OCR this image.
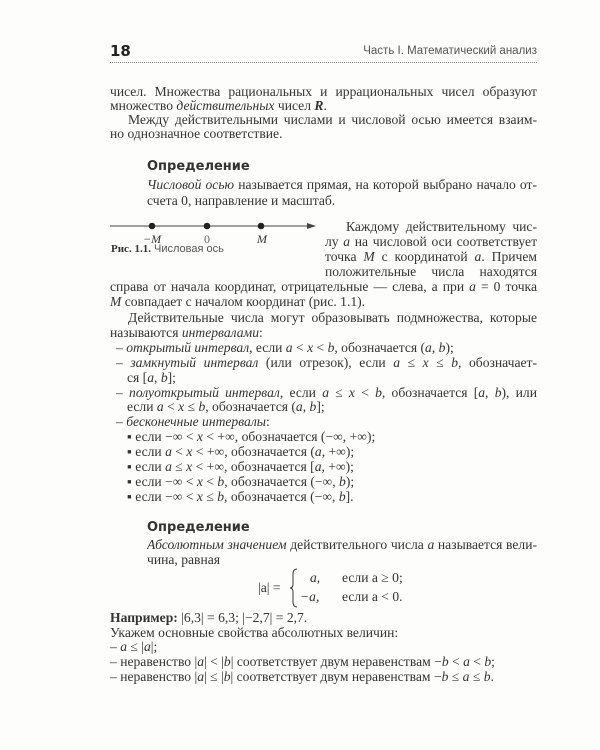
18	Часть I. Математический анализ
Определение
Определение
чисел. Множества рациональных и иррациональных чисел образуют
множество действительных чисел R.
Между действительными числами и числовой осью имеется взаим-
но однозначное соответствие.
Числовой осью называется прямая, на которой выбрано начало от-
счета 0, направление и масштаб.
Каждому действительному чис-
лу a на числовой оси соответствует
точка M с координатой a. Причем
положительные числа находятся
справа от начала координат, отрицательные — слева, а при a = 0 точка
M совпадает с началом координат (рис. 1.1).
Действительные числа могут образовывать подмножества, которые
называются интервалами:
– открытый интервал, если a < x < b, обозначается (a, b);
– замкнутый интервал (или отрезок), если a ≤ x ≤ b, обозначает-
ся [a, b];
– полуоткрытый интервал, если a ≤ x < b, обозначается [a, b), или
если a < x ≤ b, обозначается (a, b];
– бесконечные интервалы:
▪ если −∞ < x < +∞, обозначается (−∞, +∞);
▪ если a < x < +∞, обозначается (a, +∞);
▪ если a ≤ x < +∞, обозначается [a, +∞);
▪ если −∞ < x < b, обозначается (−∞, b);
▪ если −∞ < x ≤ b, обозначается (−∞, b].
Абсолютным значением действительного числа a называется вели-
чина, равная
Например: |6,3| = 6,3; |−2,7| = 2,7.
Укажем основные свойства абсолютных величин:
– a ≤ |a|;
– неравенство |a| < |b| соответствует двум неравенствам −b < a < b;
– неравенство |a| ≤ |b| соответствует двум неравенствам −b ≤ a ≤ b.
−M	0	M
Рис. 1.1. Числовая ось
|a| =
a, если a ≥ 0;
−a, если a < 0.
